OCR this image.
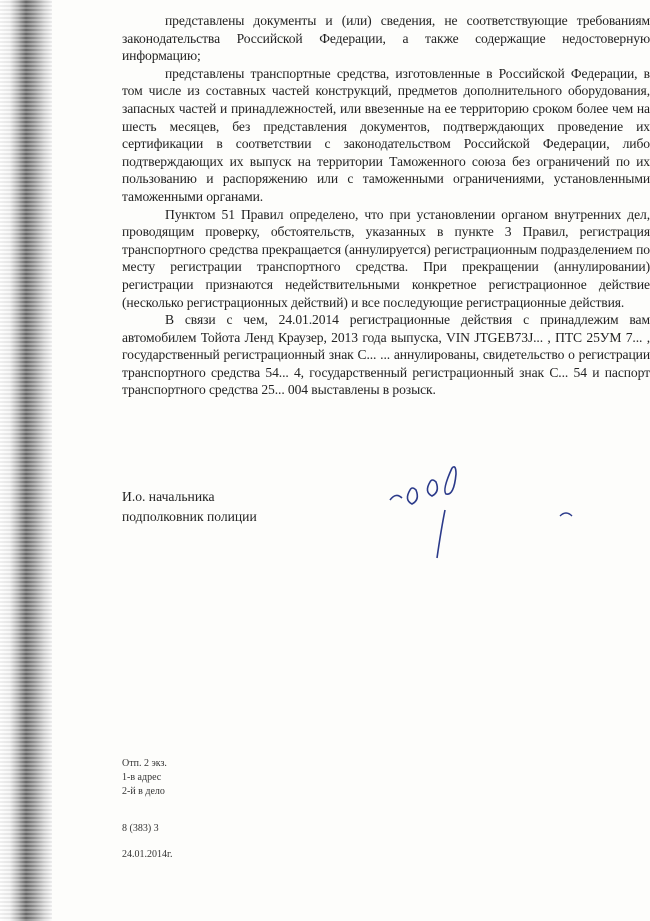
представлены документы и (или) сведения, не соответствующие требованиям законодательства Российской Федерации, а также содержащие недостоверную информацию;

представлены транспортные средства, изготовленные в Российской Федерации, в том числе из составных частей конструкций, предметов дополнительного оборудования, запасных частей и принадлежностей, или ввезенные на ее территорию сроком более чем на шесть месяцев, без представления документов, подтверждающих проведение их сертификации в соответствии с законодательством Российской Федерации, либо подтверждающих их выпуск на территории Таможенного союза без ограничений по их пользованию и распоряжению или с таможенными ограничениями, установленными таможенными органами.

Пунктом 51 Правил определено, что при установлении органом внутренних дел, проводящим проверку, обстоятельств, указанных в пункте 3 Правил, регистрация транспортного средства прекращается (аннулируется) регистрационным подразделением по месту регистрации транспортного средства. При прекращении (аннулировании) регистрации признаются недействительными конкретное регистрационное действие (несколько регистрационных действий) и все последующие регистрационные действия.

В связи с чем, 24.01.2014 регистрационные действия с принадлежим вам автомобилем Тойота Ленд Краузер, 2013 года выпуска, VIN JTGEB73J... , ПТС 25УМ 7... , государственный регистрационный знак С... ... аннулированы, свидетельство о регистрации транспортного средства 54... 4, государственный регистрационный знак С... 54 и паспорт транспортного средства 25... 004 выставлены в розыск.

И.о. начальника
подполковник полиции
Отп. 2 экз.
1-в адрес
2-й в дело
8 (383) 3
24.01.2014г.
